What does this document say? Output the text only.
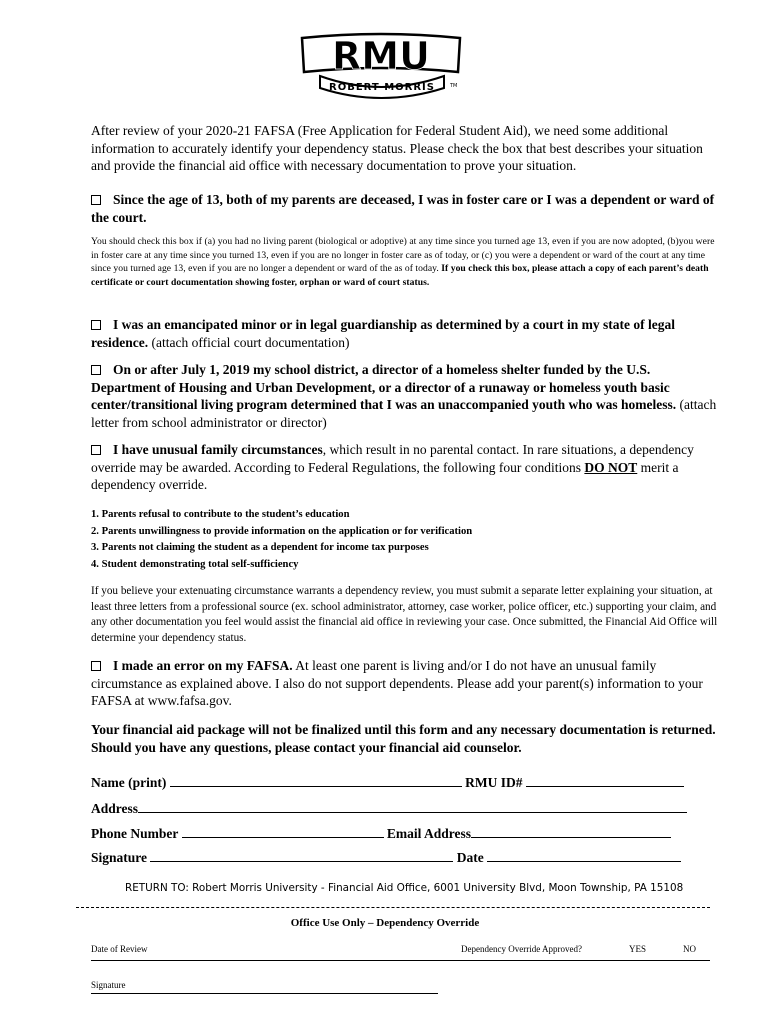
RMU
ROBERT MORRIS	TM
After review of your 2020-21 FAFSA (Free Application for Federal Student Aid), we need some additional information to accurately identify your dependency status. Please check the box that best describes your situation and provide the financial aid office with necessary documentation to prove your situation.
Since the age of 13, both of my parents are deceased, I was in foster care or I was a dependent or ward of the court.
You should check this box if (a) you had no living parent (biological or adoptive) at any time since you turned age 13, even if you are now adopted, (b)you were in foster care at any time since you turned 13, even if you are no longer in foster care as of today, or (c) you were a dependent or ward of the court at any time since you turned age 13, even if you are no longer a dependent or ward of the as of today. If you check this box, please attach a copy of each parent’s death certificate or court documentation showing foster, orphan or ward of court status.
I was an emancipated minor or in legal guardianship as determined by a court in my state of legal residence. (attach official court documentation)
On or after July 1, 2019 my school district, a director of a homeless shelter funded by the U.S. Department of Housing and Urban Development, or a director of a runaway or homeless youth basic center/transitional living program determined that I was an unaccompanied youth who was homeless. (attach letter from school administrator or director)
I have unusual family circumstances, which result in no parental contact. In rare situations, a dependency override may be awarded. According to Federal Regulations, the following four conditions DO NOT merit a dependency override.
1. Parents refusal to contribute to the student’s education
2. Parents unwillingness to provide information on the application or for verification
3. Parents not claiming the student as a dependent for income tax purposes
4. Student demonstrating total self-sufficiency
If you believe your extenuating circumstance warrants a dependency review, you must submit a separate letter explaining your situation, at least three letters from a professional source (ex. school administrator, attorney, case worker, police officer, etc.) supporting your claim, and any other documentation you feel would assist the financial aid office in reviewing your case. Once submitted, the Financial Aid Office will determine your dependency status.
I made an error on my FAFSA. At least one parent is living and/or I do not have an unusual family circumstance as explained above. I also do not support dependents. Please add your parent(s) information to your FAFSA at www.fafsa.gov.
Your financial aid package will not be finalized until this form and any necessary documentation is returned. Should you have any questions, please contact your financial aid counselor.
Name (print)	RMU ID#
Address
Phone Number	Email Address
Signature	Date
RETURN TO: Robert Morris University - Financial Aid Office, 6001 University Blvd, Moon Township, PA 15108
Office Use Only – Dependency Override
Date of Review	Dependency Override Approved?	YES	NO
Signature
